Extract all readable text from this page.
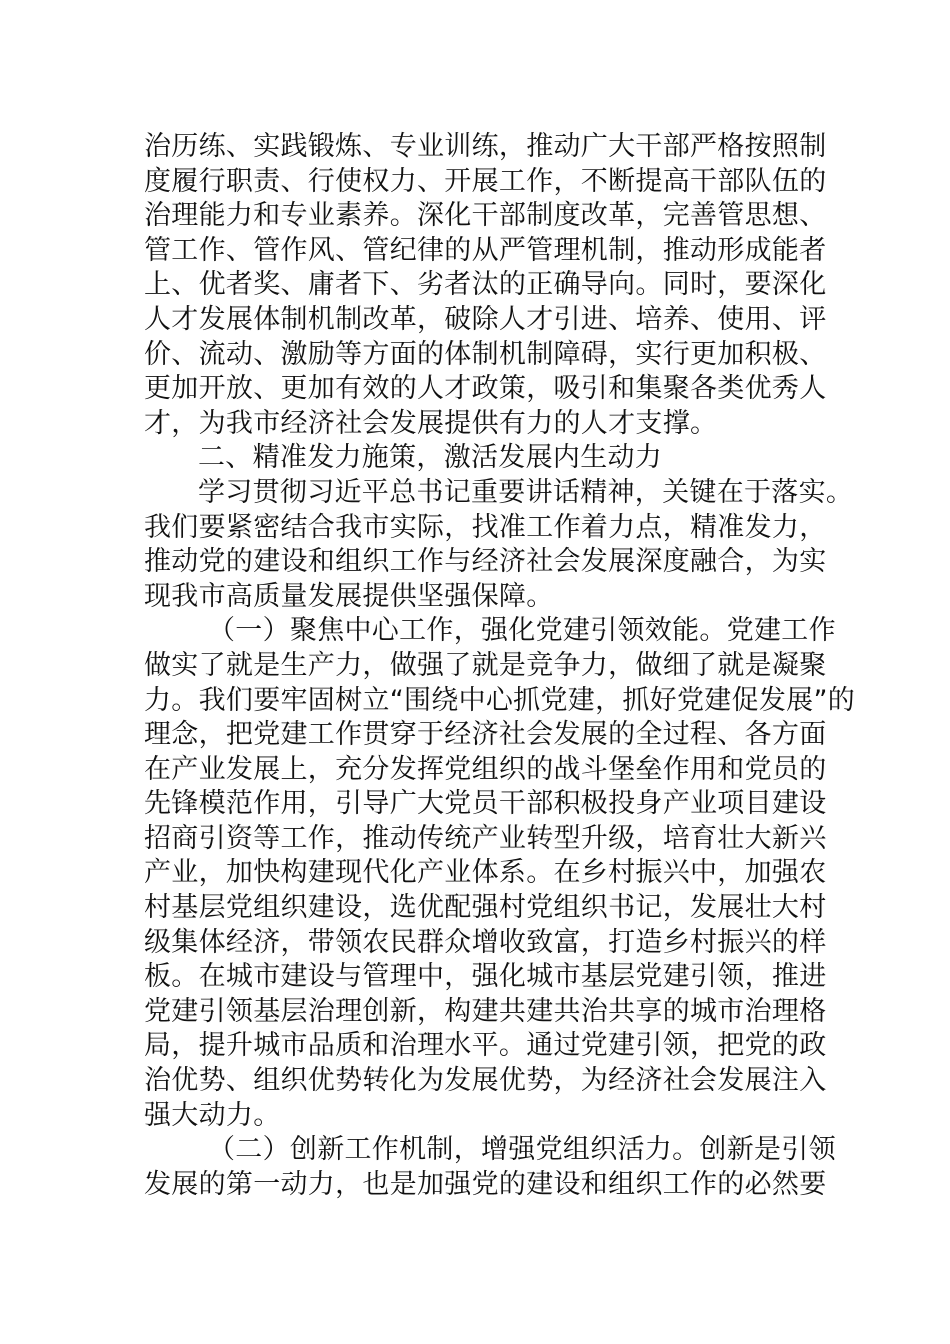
治历练、实践锻炼、专业训练，推动广大干部严格按照制
度履行职责、行使权力、开展工作，不断提高干部队伍的
治理能力和专业素养。深化干部制度改革，完善管思想、
管工作、管作风、管纪律的从严管理机制，推动形成能者
上、优者奖、庸者下、劣者汰的正确导向。同时，要深化
人才发展体制机制改革，破除人才引进、培养、使用、评
价、流动、激励等方面的体制机制障碍，实行更加积极、
更加开放、更加有效的人才政策，吸引和集聚各类优秀人
才，为我市经济社会发展提供有力的人才支撑。
二、精准发力施策，激活发展内生动力
学习贯彻习近平总书记重要讲话精神，关键在于落实。
我们要紧密结合我市实际，找准工作着力点，精准发力，
推动党的建设和组织工作与经济社会发展深度融合，为实
现我市高质量发展提供坚强保障。
（一）聚焦中心工作，强化党建引领效能。党建工作
做实了就是生产力，做强了就是竞争力，做细了就是凝聚
力。我们要牢固树立“围绕中心抓党建，抓好党建促发展”的
理念，把党建工作贯穿于经济社会发展的全过程、各方面
在产业发展上，充分发挥党组织的战斗堡垒作用和党员的
先锋模范作用，引导广大党员干部积极投身产业项目建设
招商引资等工作，推动传统产业转型升级，培育壮大新兴
产业，加快构建现代化产业体系。在乡村振兴中，加强农
村基层党组织建设，选优配强村党组织书记，发展壮大村
级集体经济，带领农民群众增收致富，打造乡村振兴的样
板。在城市建设与管理中，强化城市基层党建引领，推进
党建引领基层治理创新，构建共建共治共享的城市治理格
局，提升城市品质和治理水平。通过党建引领，把党的政
治优势、组织优势转化为发展优势，为经济社会发展注入
强大动力。
（二）创新工作机制，增强党组织活力。创新是引领
发展的第一动力，也是加强党的建设和组织工作的必然要
